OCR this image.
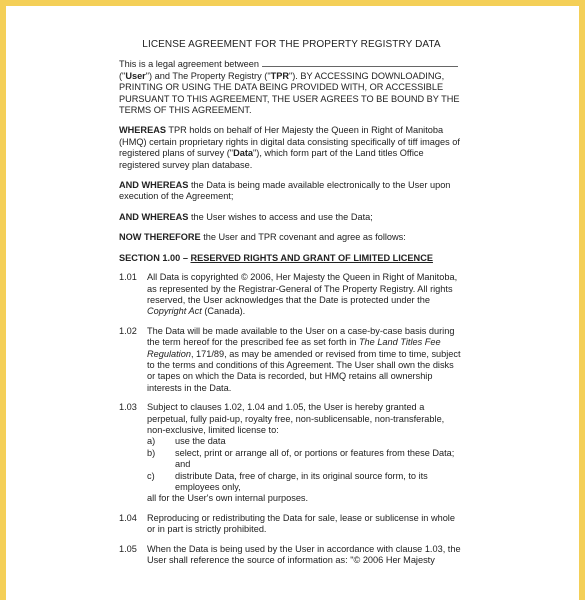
LICENSE AGREEMENT FOR THE PROPERTY REGISTRY DATA
This is a legal agreement between
("User") and The Property Registry ("TPR"). BY ACCESSING DOWNLOADING, PRINTING OR USING THE DATA BEING PROVIDED WITH, OR ACCESSIBLE PURSUANT TO THIS AGREEMENT, THE USER AGREES TO BE BOUND BY THE TERMS OF THIS AGREEMENT.

WHEREAS TPR holds on behalf of Her Majesty the Queen in Right of Manitoba (HMQ) certain proprietary rights in digital data consisting specifically of tiff images of registered plans of survey ("Data"), which form part of the Land titles Office registered survey plan database.

AND WHEREAS the Data is being made available electronically to the User upon execution of the Agreement;

AND WHEREAS the User wishes to access and use the Data;

NOW THEREFORE the User and TPR covenant and agree as follows:

SECTION 1.00 – RESERVED RIGHTS AND GRANT OF LIMITED LICENCE
1.01	All Data is copyrighted © 2006, Her Majesty the Queen in Right of Manitoba, as represented by the Registrar-General of The Property Registry. All rights reserved, the User acknowledges that the Date is protected under the Copyright Act (Canada).
1.02	The Data will be made available to the User on a case-by-case basis during the term hereof for the prescribed fee as set forth in The Land Titles Fee Regulation, 171/89, as may be amended or revised from time to time, subject to the terms and conditions of this Agreement. The User shall own the disks or tapes on which the Data is recorded, but HMQ retains all ownership interests in the Data.
1.03	Subject to clauses 1.02, 1.04 and 1.05, the User is hereby granted a perpetual, fully paid-up, royalty free, non-sublicensable, non-transferable, non-exclusive, limited license to:
a)	use the data
b)	select, print or arrange all of, or portions or features from these Data; and
c)	distribute Data, free of charge, in its original source form, to its employees only,
all for the User's own internal purposes.
1.04	Reproducing or redistributing the Data for sale, lease or sublicense in whole or in part is strictly prohibited.
1.05	When the Data is being used by the User in accordance with clause 1.03, the User shall reference the source of information as: "© 2006 Her Majesty
